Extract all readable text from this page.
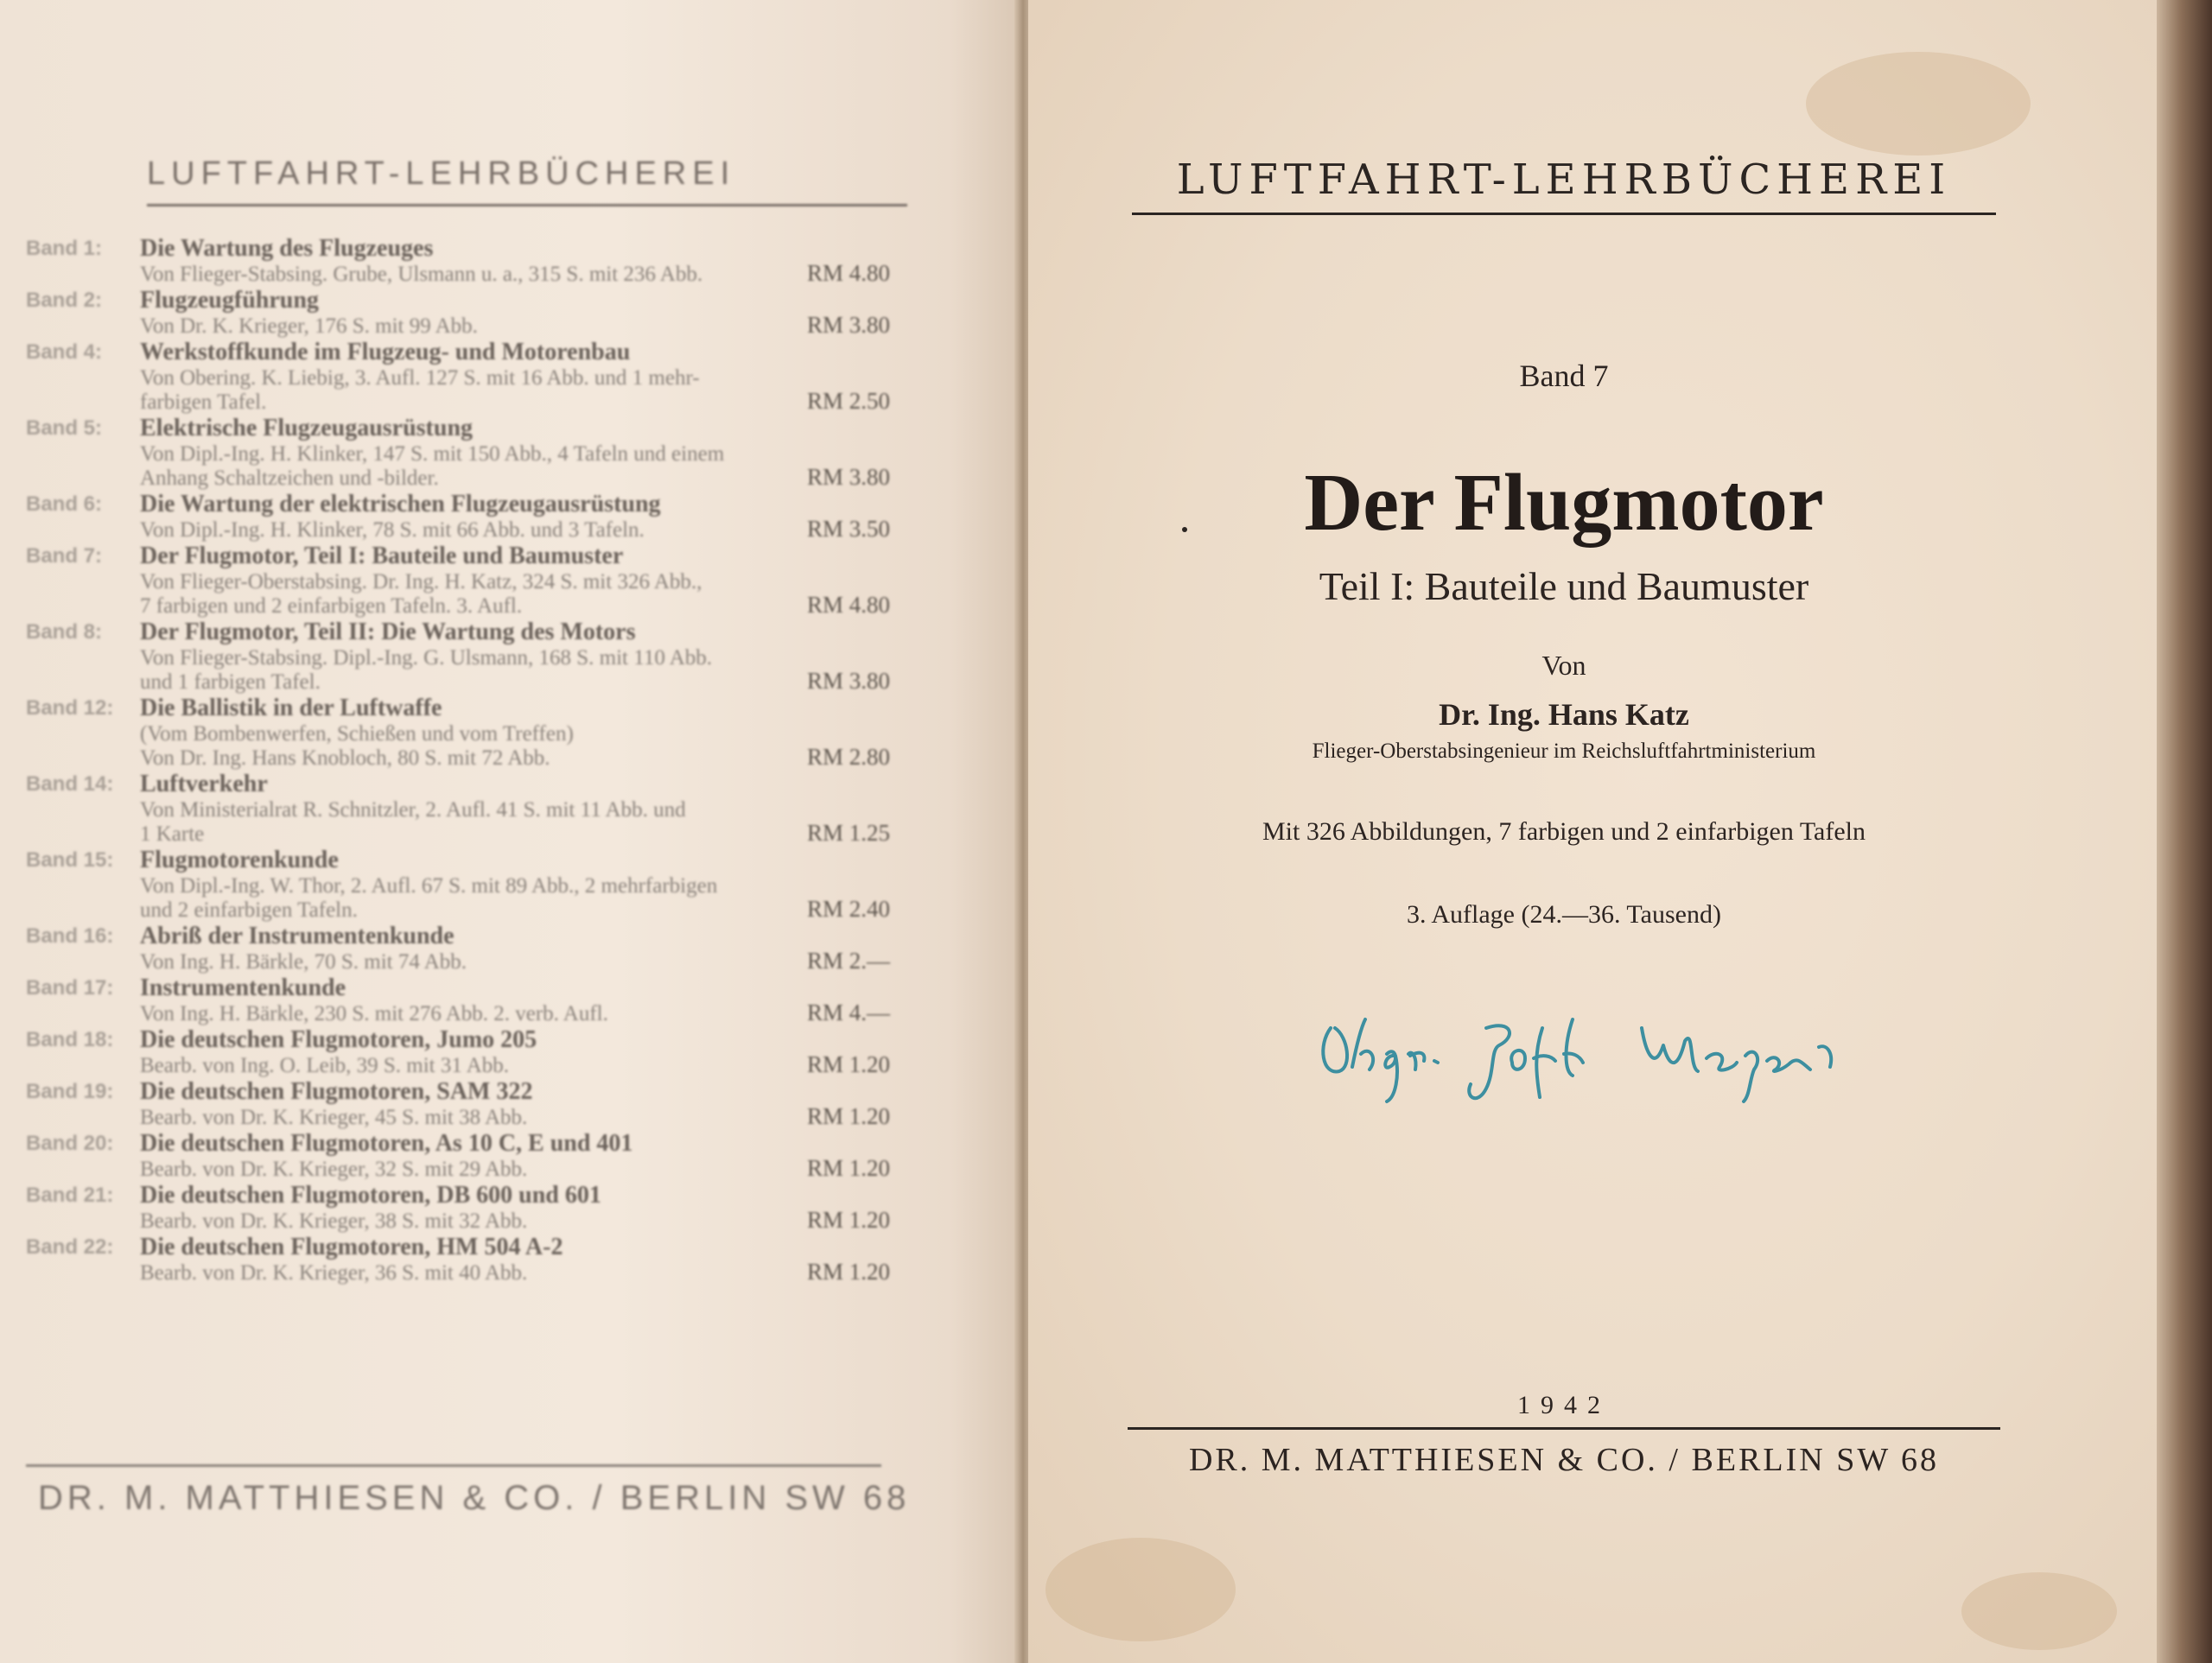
LUFTFAHRT-LEHRBÜCHEREI
Band 1:	Die Wartung des Flugzeuges
Von Flieger-Stabsing. Grube, Ulsmann u. a., 315 S. mit 236 Abb.	RM 4.80
Band 2:	Flugzeugführung
Von Dr. K. Krieger, 176 S. mit 99 Abb.	RM 3.80
Band 4:	Werkstoffkunde im Flugzeug- und Motorenbau
Von Obering. K. Liebig, 3. Aufl. 127 S. mit 16 Abb. und 1 mehr-
farbigen Tafel.	RM 2.50
Band 5:	Elektrische Flugzeugausrüstung
Von Dipl.-Ing. H. Klinker, 147 S. mit 150 Abb., 4 Tafeln und einem
Anhang Schaltzeichen und -bilder.	RM 3.80
Band 6:	Die Wartung der elektrischen Flugzeugausrüstung
Von Dipl.-Ing. H. Klinker, 78 S. mit 66 Abb. und 3 Tafeln.	RM 3.50
Band 7:	Der Flugmotor, Teil I: Bauteile und Baumuster
Von Flieger-Oberstabsing. Dr. Ing. H. Katz, 324 S. mit 326 Abb.,
7 farbigen und 2 einfarbigen Tafeln. 3. Aufl.	RM 4.80
Band 8:	Der Flugmotor, Teil II: Die Wartung des Motors
Von Flieger-Stabsing. Dipl.-Ing. G. Ulsmann, 168 S. mit 110 Abb.
und 1 farbigen Tafel.	RM 3.80
Band 12:	Die Ballistik in der Luftwaffe
(Vom Bombenwerfen, Schießen und vom Treffen)
Von Dr. Ing. Hans Knobloch, 80 S. mit 72 Abb.	RM 2.80
Band 14:	Luftverkehr
Von Ministerialrat R. Schnitzler, 2. Aufl. 41 S. mit 11 Abb. und
1 Karte	RM 1.25
Band 15:	Flugmotorenkunde
Von Dipl.-Ing. W. Thor, 2. Aufl. 67 S. mit 89 Abb., 2 mehrfarbigen
und 2 einfarbigen Tafeln.	RM 2.40
Band 16:	Abriß der Instrumentenkunde
Von Ing. H. Bärkle, 70 S. mit 74 Abb.	RM 2.—
Band 17:	Instrumentenkunde
Von Ing. H. Bärkle, 230 S. mit 276 Abb. 2. verb. Aufl.	RM 4.—
Band 18:	Die deutschen Flugmotoren, Jumo 205
Bearb. von Ing. O. Leib, 39 S. mit 31 Abb.	RM 1.20
Band 19:	Die deutschen Flugmotoren, SAM 322
Bearb. von Dr. K. Krieger, 45 S. mit 38 Abb.	RM 1.20
Band 20:	Die deutschen Flugmotoren, As 10 C, E und 401
Bearb. von Dr. K. Krieger, 32 S. mit 29 Abb.	RM 1.20
Band 21:	Die deutschen Flugmotoren, DB 600 und 601
Bearb. von Dr. K. Krieger, 38 S. mit 32 Abb.	RM 1.20
Band 22:	Die deutschen Flugmotoren, HM 504 A-2
Bearb. von Dr. K. Krieger, 36 S. mit 40 Abb.	RM 1.20
DR. M. MATTHIESEN & CO. / BERLIN SW 68
LUFTFAHRT-LEHRBÜCHEREI
Band 7
Der Flugmotor
Teil I: Bauteile und Baumuster
Von
Dr. Ing. Hans Katz
Flieger-Oberstabsingenieur im Reichsluftfahrtministerium
Mit 326 Abbildungen, 7 farbigen und 2 einfarbigen Tafeln
3. Auflage (24.—36. Tausend)
1942
DR. M. MATTHIESEN & CO. / BERLIN SW 68
